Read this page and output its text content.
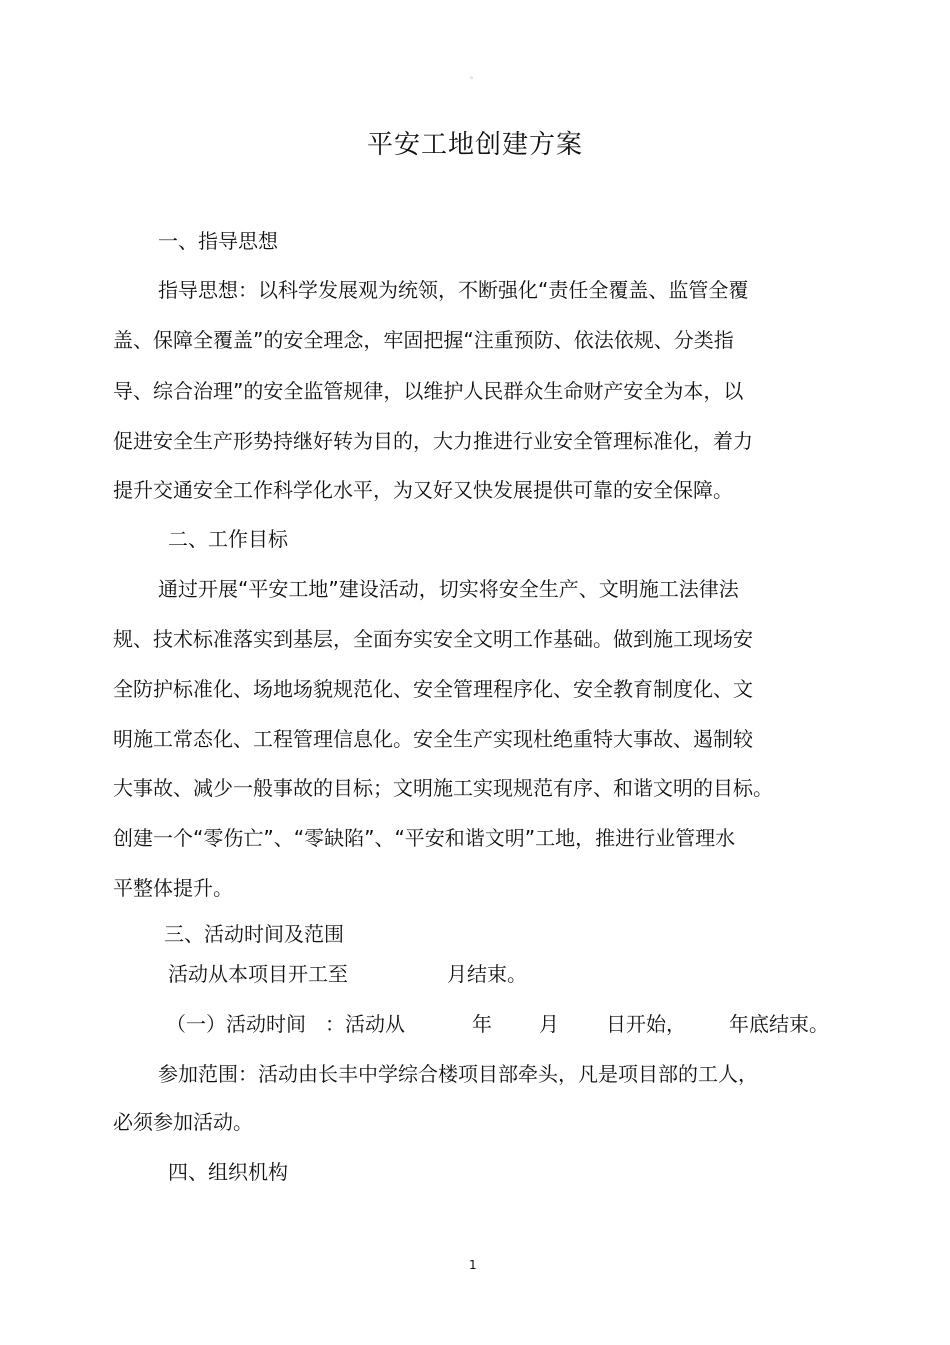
。
平安工地创建方案
一、指导思想
指导思想：以科学发展观为统领，不断强化“责任全覆盖、监管全覆
盖、保障全覆盖”的安全理念，牢固把握“注重预防、依法依规、分类指
导、综合治理”的安全监管规律，以维护人民群众生命财产安全为本，以
促进安全生产形势持继好转为目的，大力推进行业安全管理标准化，着力
提升交通安全工作科学化水平，为又好又快发展提供可靠的安全保障。
二、工作目标
通过开展“平安工地”建设活动，切实将安全生产、文明施工法律法
规、技术标准落实到基层，全面夯实安全文明工作基础。做到施工现场安
全防护标准化、场地场貌规范化、安全管理程序化、安全教育制度化、文
明施工常态化、工程管理信息化。安全生产实现杜绝重特大事故、遏制较
大事故、减少一般事故的目标；文明施工实现规范有序、和谐文明的目标。
创建一个“零伤亡”、“零缺陷”、“平安和谐文明”工地，推进行业管理水
平整体提升。
三、活动时间及范围
活动从本项目开工至	月结束。
（一）活动时间 ：活动从	年 月 日开始， 年底结束。
参加范围：活动由长丰中学综合楼项目部牵头，凡是项目部的工人，
必须参加活动。
四、组织机构
1
